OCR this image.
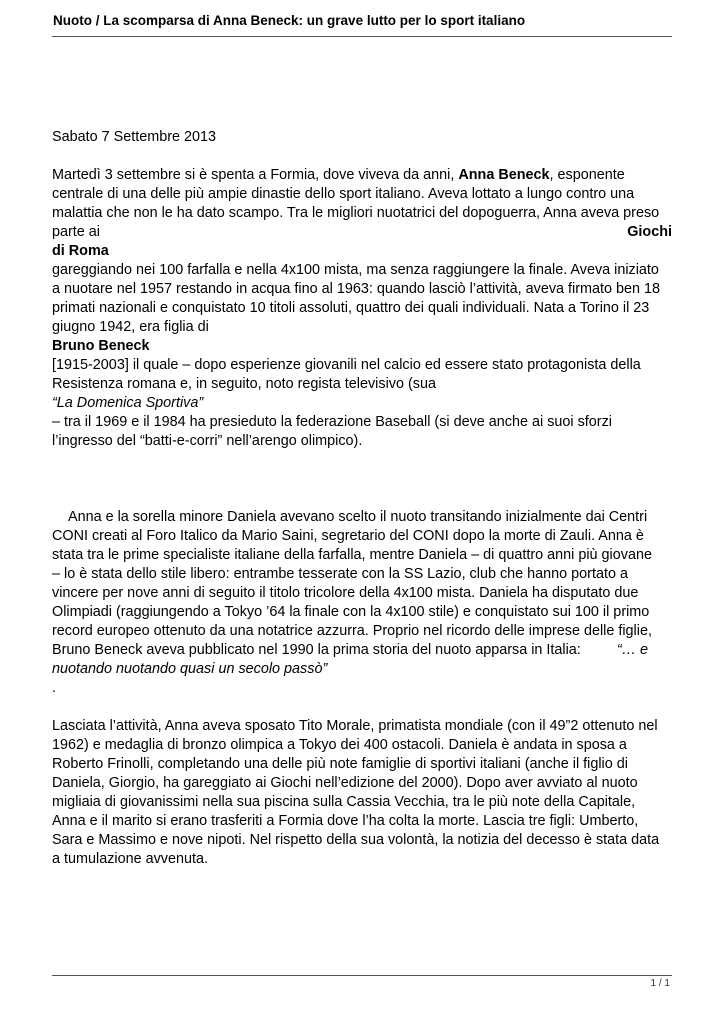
Nuoto / La scomparsa di Anna Beneck: un grave lutto per lo sport italiano
Sabato 7 Settembre 2013
Martedì 3 settembre si è spenta a Formia, dove viveva da anni, Anna Beneck, esponente
centrale di una delle più ampie dinastie dello sport italiano. Aveva lottato a lungo contro una
malattia che non le ha dato scampo. Tra le migliori nuotatrici del dopoguerra, Anna aveva preso
parte ai	Giochi
di Roma
gareggiando nei 100 farfalla e nella 4x100 mista, ma senza raggiungere la finale. Aveva iniziato
a nuotare nel 1957 restando in acqua fino al 1963: quando lasciò l’attività, aveva firmato ben 18
primati nazionali e conquistato 10 titoli assoluti, quattro dei quali individuali. Nata a Torino il 23
giugno 1942, era figlia di
Bruno Beneck
[1915-2003] il quale – dopo esperienze giovanili nel calcio ed essere stato protagonista della
Resistenza romana e, in seguito, noto regista televisivo (sua
“La Domenica Sportiva”
– tra il 1969 e il 1984 ha presieduto la federazione Baseball (si deve anche ai suoi sforzi
l’ingresso del “batti-e-corri” nell’arengo olimpico).
Anna e la sorella minore Daniela avevano scelto il nuoto transitando inizialmente dai Centri
CONI creati al Foro Italico da Mario Saini, segretario del CONI dopo la morte di Zauli. Anna è
stata tra le prime specialiste italiane della farfalla, mentre Daniela – di quattro anni più giovane
– lo è stata dello stile libero: entrambe tesserate con la SS Lazio, club che hanno portato a
vincere per nove anni di seguito il titolo tricolore della 4x100 mista. Daniela ha disputato due
Olimpiadi (raggiungendo a Tokyo ’64 la finale con la 4x100 stile) e conquistato sui 100 il primo
record europeo ottenuto da una notatrice azzurra. Proprio nel ricordo delle imprese delle figlie,
Bruno Beneck aveva pubblicato nel 1990 la prima storia del nuoto apparsa in Italia:	“… e
nuotando nuotando quasi un secolo passò”
.
Lasciata l’attività, Anna aveva sposato Tito Morale, primatista mondiale (con il 49”2 ottenuto nel
1962) e medaglia di bronzo olimpica a Tokyo dei 400 ostacoli. Daniela è andata in sposa a
Roberto Frinolli, completando una delle più note famiglie di sportivi italiani (anche il figlio di
Daniela, Giorgio, ha gareggiato ai Giochi nell’edizione del 2000). Dopo aver avviato al nuoto
migliaia di giovanissimi nella sua piscina sulla Cassia Vecchia, tra le più note della Capitale,
Anna e il marito si erano trasferiti a Formia dove l’ha colta la morte. Lascia tre figli: Umberto,
Sara e Massimo e nove nipoti. Nel rispetto della sua volontà, la notizia del decesso è stata data
a tumulazione avvenuta.
1 / 1
